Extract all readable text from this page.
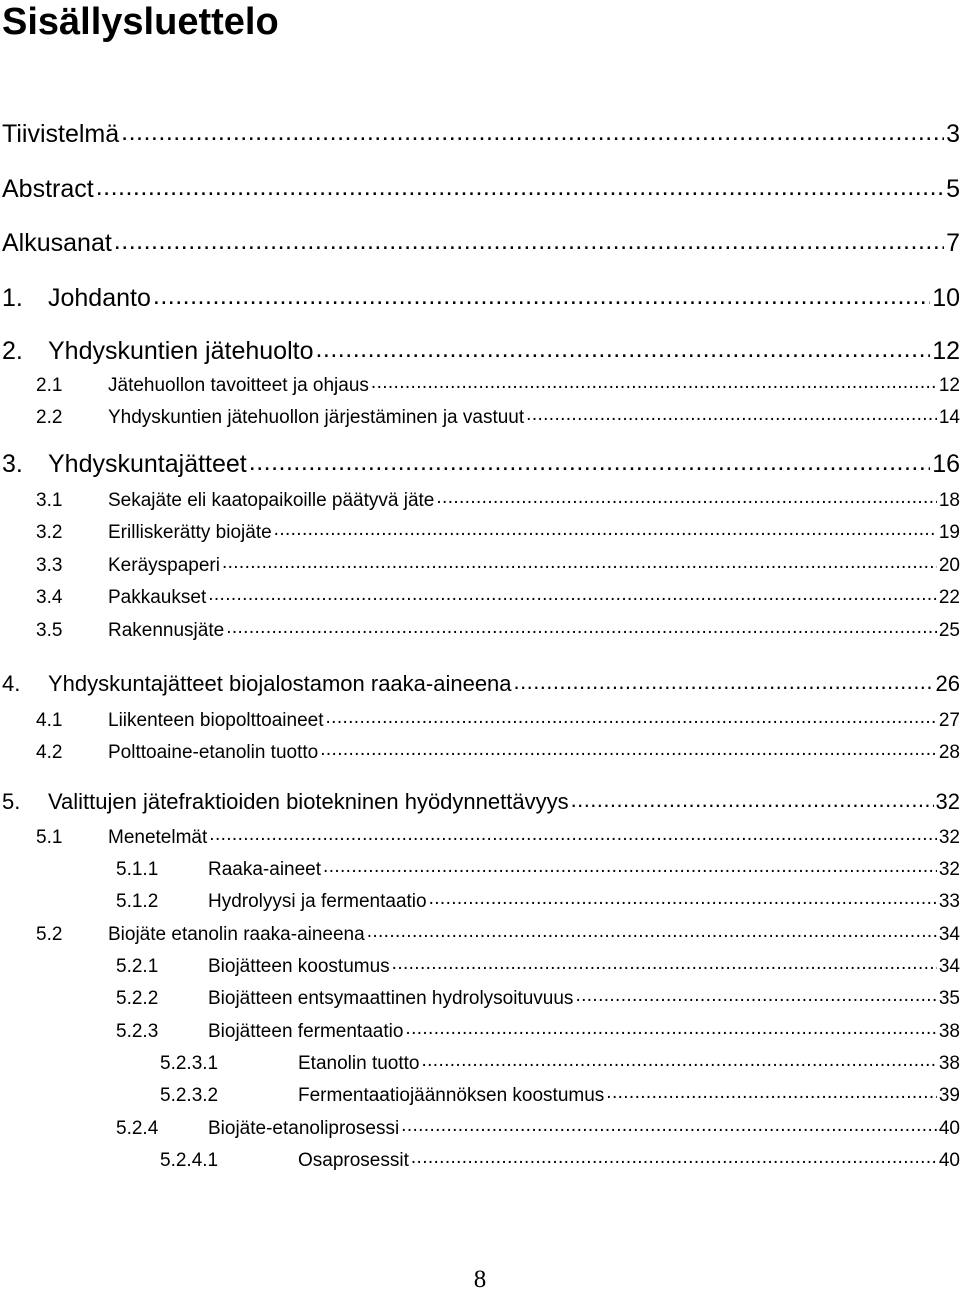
Sisällysluettelo
Tiivistelmä .....	3
Abstract .....	5
Alkusanat .....	7
1.	Johdanto .....	10
2.	Yhdyskuntien jätehuolto .....	12
2.1	Jätehuollon tavoitteet ja ohjaus .....	12
2.2	Yhdyskuntien jätehuollon järjestäminen ja vastuut .....	14
3.	Yhdyskuntajätteet .....	16
3.1	Sekajäte eli kaatopaikoille päätyvä jäte .....	18
3.2	Erilliskerätty biojäte .....	19
3.3	Keräyspaperi .....	20
3.4	Pakkaukset .....	22
3.5	Rakennusjäte .....	25
4.	Yhdyskuntajätteet biojalostamon raaka-aineena .....	26
4.1	Liikenteen biopolttoaineet .....	27
4.2	Polttoaine-etanolin tuotto .....	28
5.	Valittujen jätefraktioiden biotekninen hyödynnettävyys .....	32
5.1	Menetelmät .....	32
5.1.1	Raaka-aineet .....	32
5.1.2	Hydrolyysi ja fermentaatio .....	33
5.2	Biojäte etanolin raaka-aineena .....	34
5.2.1	Biojätteen koostumus .....	34
5.2.2	Biojätteen entsymaattinen hydrolysoituvuus .....	35
5.2.3	Biojätteen fermentaatio .....	38
5.2.3.1	Etanolin tuotto .....	38
5.2.3.2	Fermentaatiojäännöksen koostumus .....	39
5.2.4	Biojäte-etanoliprosessi .....	40
5.2.4.1	Osaprosessit .....	40
8
